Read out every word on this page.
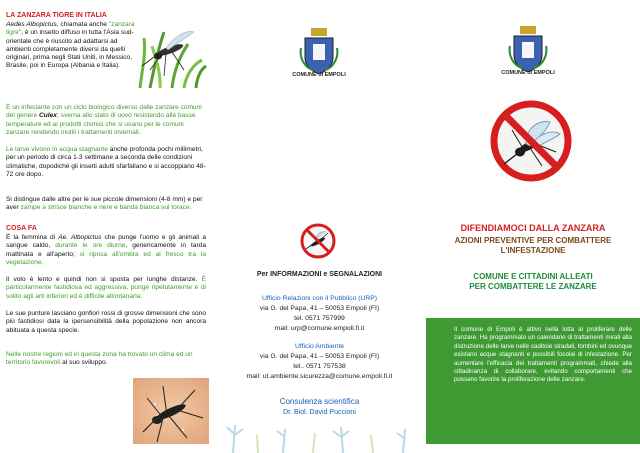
LA ZANZARA TIGRE IN ITALIA
Aedes Albopictus, chiamata anche "zanzara tigre", è un insetto diffuso in tutta l'Asia sud-orientale che è riuscito ad adattarsi ad ambienti completamente diversi da quelli originari, prima negli Stati Uniti, in Messico, Brasile, poi in Europa (Albania e Italia).
È un infestante con un ciclo biologico diverso dalle zanzare comuni del genere Culex; sverna allo stato di uovo resistendo alle basse temperature ed ai prodotti chimici che si usano per le comuni zanzare rendendo inutili i trattamenti invernali.
Le larve vivono in acqua stagnante anche profonda pochi millimetri, per un periodo di circa 1-3 settimane a seconda delle condizioni climatiche, dopodiché gli insetti adulti sfarfallano e si accoppiano 48-72 ore dopo.
Si distingue dalle altre per le sue piccole dimensioni (4-8 mm) e per aver zampe a strisce bianche e nere e banda bianca sul torace.
COSA FA
È la femmina di Ae. Albopictus che punge l'uomo e gli animali a sangue caldo, durante le ore diurne, genericamente in tarda mattinata e all'aperto; si riposa all'ombra ed al fresco tra la vegetazione.
Il volo è lento e quindi non si sposta per lunghe distanze. È particolarmente fastidiosa ed aggressiva, punge ripetutamente e di solito agli arti inferiori ed è difficile allontanarla.
Le sue punture lasciano gonfiori rossi di grosse dimensioni che sono più fastidiosi data la ipersensibilità della popolazione non ancora abituata a questa specie.
Nelle nostre regioni ed in questa zona ha trovato un clima ed un territorio favorevoli al suo sviluppo.
COMUNE di EMPOLI
Per INFORMAZIONI e SEGNALAZIONI
Ufficio Relazioni con il Pubblico (URP)
via G. del Papa, 41 – 50053 Empoli (FI)
tel. 0571 757999
mail: urp@comune.empoli.fi.it
Ufficio Ambiente
via G. del Papa, 41 – 50053 Empoli (FI)
tel.. 0571 757538
mail: ut.ambiente.sicurezza@comune.empoli.fi.it
Consulenza scientifica
Dr. Biol. David Puccioni
COMUNE di EMPOLI
DIFENDIAMOCI DALLA ZANZARA
AZIONI PREVENTIVE PER COMBATTERE
L'INFESTAZIONE
COMUNE E CITTADINI ALLEATI
PER COMBATTERE LE ZANZARE
Il comune di Empoli è attivo nella lotta al proliferare delle zanzare. Ha programmato un calendario di trattamenti mirati alla distruzione delle larve nelle caditoie stradali, tombini ed ovunque esistano acque stagnanti e possibili focolai di infestazione. Per aumentare l'efficacia dei trattamenti programmati, chiede alla cittadinanza di collaborare, evitando comportamenti che possano favorire la proliferazione delle zanzare.
